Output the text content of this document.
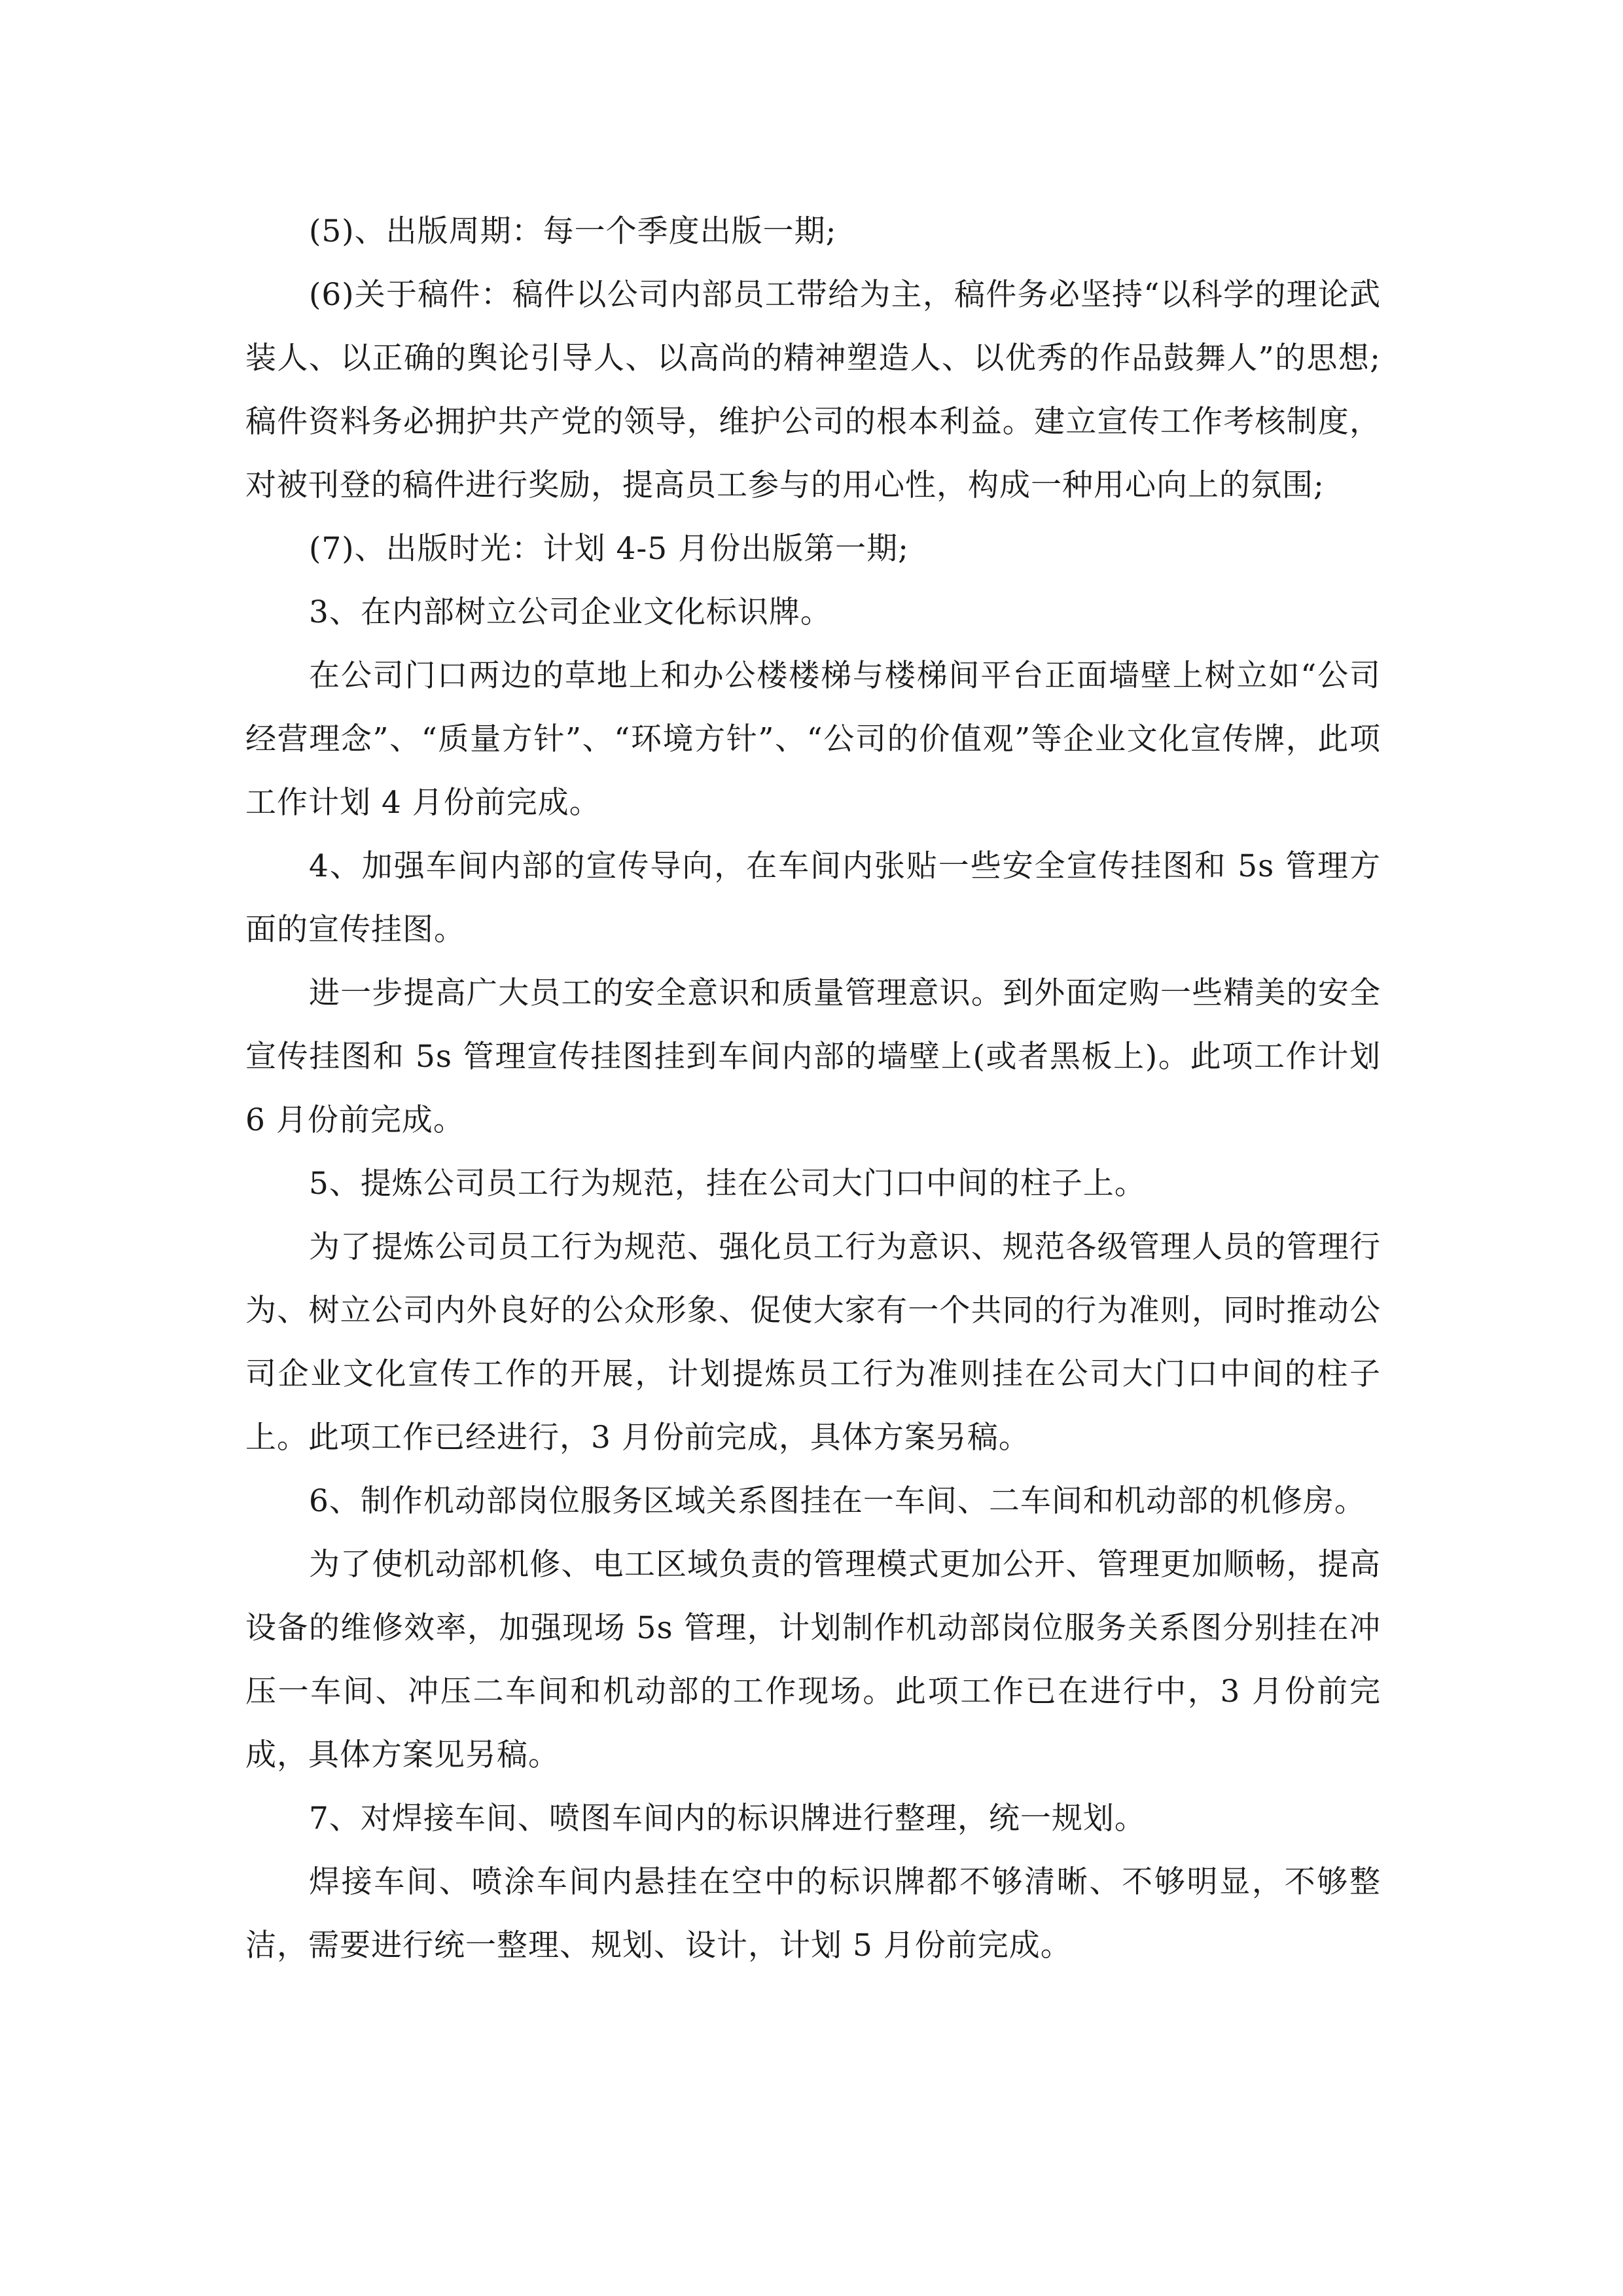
(5)、出版周期：每一个季度出版一期;

(6)关于稿件：稿件以公司内部员工带给为主，稿件务必坚持“以科学的理论武装人、以正确的舆论引导人、以高尚的精神塑造人、以优秀的作品鼓舞人”的思想;稿件资料务必拥护共产党的领导，维护公司的根本利益。建立宣传工作考核制度，对被刊登的稿件进行奖励，提高员工参与的用心性，构成一种用心向上的氛围;

(7)、出版时光：计划 4-5 月份出版第一期;

3、在内部树立公司企业文化标识牌。

在公司门口两边的草地上和办公楼楼梯与楼梯间平台正面墙壁上树立如“公司经营理念”、“质量方针”、“环境方针”、“公司的价值观”等企业文化宣传牌，此项工作计划 4 月份前完成。

4、加强车间内部的宣传导向，在车间内张贴一些安全宣传挂图和 5s 管理方面的宣传挂图。

进一步提高广大员工的安全意识和质量管理意识。到外面定购一些精美的安全宣传挂图和 5s 管理宣传挂图挂到车间内部的墙壁上(或者黑板上)。此项工作计划 6 月份前完成。

5、提炼公司员工行为规范，挂在公司大门口中间的柱子上。

为了提炼公司员工行为规范、强化员工行为意识、规范各级管理人员的管理行为、树立公司内外良好的公众形象、促使大家有一个共同的行为准则，同时推动公司企业文化宣传工作的开展，计划提炼员工行为准则挂在公司大门口中间的柱子上。此项工作已经进行，3 月份前完成，具体方案另稿。

6、制作机动部岗位服务区域关系图挂在一车间、二车间和机动部的机修房。

为了使机动部机修、电工区域负责的管理模式更加公开、管理更加顺畅，提高设备的维修效率，加强现场 5s 管理，计划制作机动部岗位服务关系图分别挂在冲压一车间、冲压二车间和机动部的工作现场。此项工作已在进行中，3 月份前完成，具体方案见另稿。

7、对焊接车间、喷图车间内的标识牌进行整理，统一规划。

焊接车间、喷涂车间内悬挂在空中的标识牌都不够清晰、不够明显，不够整洁，需要进行统一整理、规划、设计，计划 5 月份前完成。
